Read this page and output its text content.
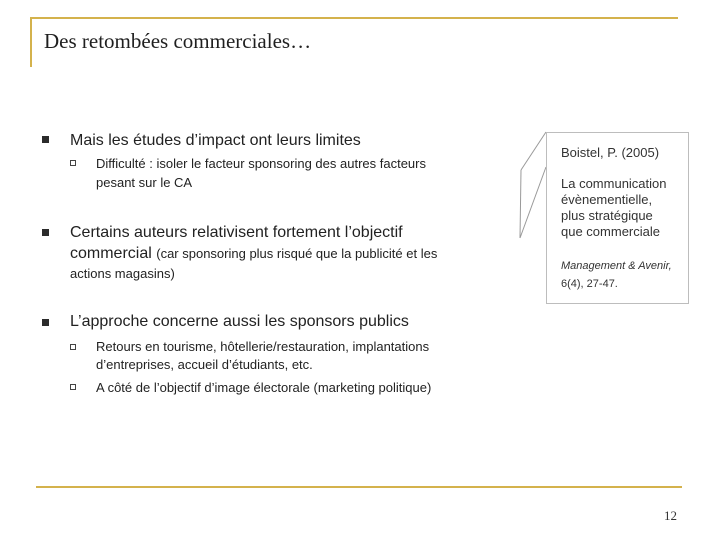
Des retombées commerciales…
Mais les études d’impact ont leurs limites
Difficulté : isoler le facteur sponsoring des autres facteurs
pesant sur le CA
Certains auteurs relativisent fortement l’objectif
commercial (car sponsoring plus risqué que la publicité et les
actions magasins)
L’approche concerne aussi les sponsors publics
Retours en tourisme, hôtellerie/restauration, implantations
d’entreprises, accueil d’étudiants, etc.
A côté de l’objectif d’image électorale (marketing politique)
Boistel, P. (2005)
La communication
évènementielle,
plus stratégique
que commerciale
Management & Avenir,
6(4), 27-47.
12
